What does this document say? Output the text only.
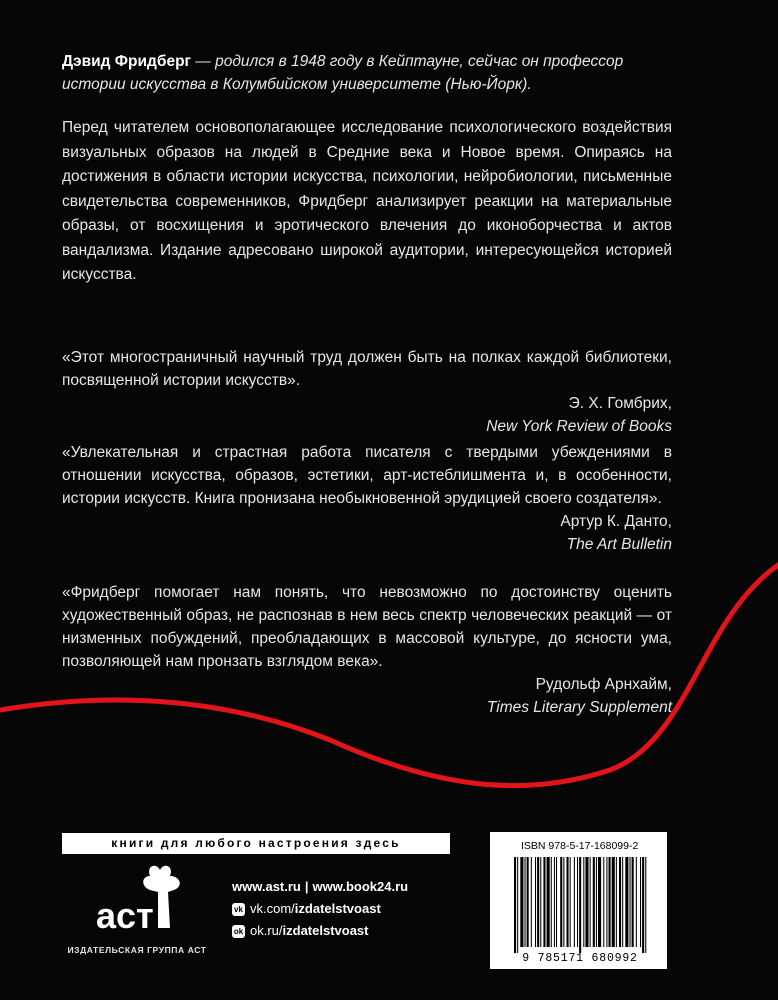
Дэвид Фридберг — родился в 1948 году в Кейптауне, сейчас он профессор истории искусства в Колумбийском университете (Нью-Йорк).
Перед читателем основополагающее исследование психологического воздействия визуальных образов на людей в Средние века и Новое время. Опираясь на достижения в области истории искусства, психологии, нейробиологии, письменные свидетельства современников, Фридберг анализирует реакции на материальные образы, от восхищения и эротического влечения до иконоборчества и актов вандализма. Издание адресовано широкой аудитории, интересующейся историей искусства.
«Этот многостраничный научный труд должен быть на полках каждой библиотеки, посвященной истории искусств».
Э. Х. Гомбрих,
New York Review of Books
«Увлекательная и страстная работа писателя с твердыми убеждениями в отношении искусства, образов, эстетики, арт-истеблишмента и, в особенности, истории искусств. Книга пронизана необыкновенной эрудицией своего создателя».
Артур К. Данто,
The Art Bulletin
«Фридберг помогает нам понять, что невозможно по достоинству оценить художественный образ, не распознав в нем весь спектр человеческих реакций — от низменных побуждений, преобладающих в массовой культуре, до ясности ума, позволяющей нам пронзать взглядом века».
Рудольф Арнхайм,
Times Literary Supplement
книги для любого настроения здесь
аст
ИЗДАТЕЛЬСКАЯ ГРУППА АСТ
www.ast.ru | www.book24.ru
vk vk.com/ izdatelstvoast
ok ok.ru/ izdatelstvoast
ISBN 978-5-17-168099-2
9 785171 680992
